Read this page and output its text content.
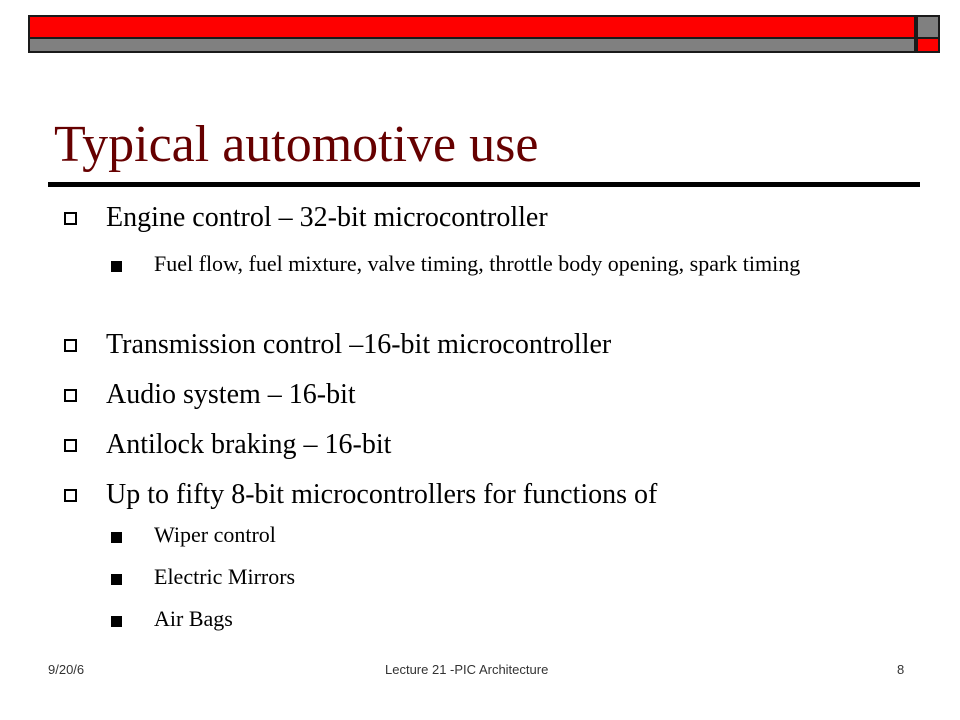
Typical automotive use
Engine control – 32-bit microcontroller
Fuel flow, fuel mixture, valve timing, throttle body opening, spark timing
Transmission control –16-bit microcontroller
Audio system – 16-bit
Antilock braking – 16-bit
Up to fifty 8-bit microcontrollers for functions of
Wiper control
Electric Mirrors
Air Bags
9/20/6	Lecture 21 -PIC Architecture	8
